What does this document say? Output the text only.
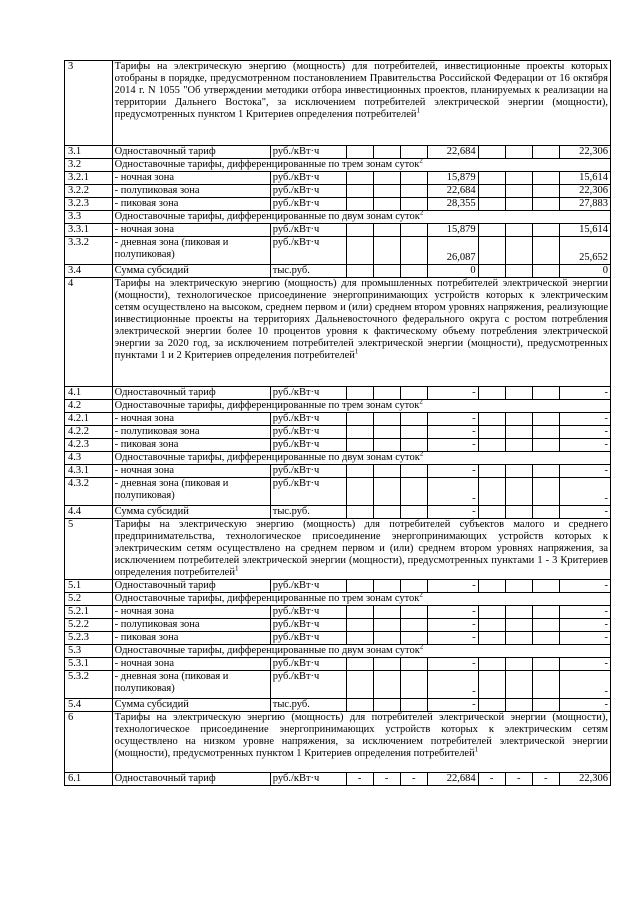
3	Тарифы на электрическую энергию (мощность) для потребителей, инвестиционные проекты которых отобраны в порядке, предусмотренном постановлением Правительства Российской Федерации от 16 октября 2014 г. N 1055 "Об утверждении методики отбора инвестиционных проектов, планируемых к реализации на территории Дальнего Востока", за исключением потребителей электрической энергии (мощности), предусмотренных пунктом 1 Критериев определения потребителей$^1$
3.1	Одноставочный тариф	руб./кВт·ч				22,684				22,306
3.2	Одноставочные тарифы, дифференцированные по трем зонам суток$^2$
3.2.1	- ночная зона	руб./кВт·ч				15,879				15,614
3.2.2	- полупиковая зона	руб./кВт·ч				22,684				22,306
3.2.3	- пиковая зона	руб./кВт·ч				28,355				27,883
3.3	Одноставочные тарифы, дифференцированные по двум зонам суток$^2$
3.3.1	- ночная зона	руб./кВт·ч				15,879				15,614
3.3.2	- дневная зона (пиковая и полупиковая)	руб./кВт·ч				26,087				25,652
3.4	Сумма субсидий	тыс.руб.				0				0
4	Тарифы на электрическую энергию (мощность) для промышленных потребителей электрической энергии (мощности), технологическое присоединение энергопринимающих устройств которых к электрическим сетям осуществлено на высоком, среднем первом и (или) среднем втором уровнях напряжения, реализующие инвестиционные проекты на территориях Дальневосточного федерального округа с ростом потребления электрической энергии более 10 процентов уровня к фактическому объему потребления электрической энергии за 2020 год, за исключением потребителей электрической энергии (мощности), предусмотренных пунктами 1 и 2 Критериев определения потребителей$^1$
4.1	Одноставочный тариф	руб./кВт·ч				-				-
4.2	Одноставочные тарифы, дифференцированные по трем зонам суток$^2$
4.2.1	- ночная зона	руб./кВт·ч				-				-
4.2.2	- полупиковая зона	руб./кВт·ч				-				-
4.2.3	- пиковая зона	руб./кВт·ч				-				-
4.3	Одноставочные тарифы, дифференцированные по двум зонам суток$^2$
4.3.1	- ночная зона	руб./кВт·ч				-				-
4.3.2	- дневная зона (пиковая и полупиковая)	руб./кВт·ч				-				-
4.4	Сумма субсидий	тыс.руб.				-				-
5	Тарифы на электрическую энергию (мощность) для потребителей субъектов малого и среднего предпринимательства, технологическое присоединение энергопринимающих устройств которых к электрическим сетям осуществлено на среднем первом и (или) среднем втором уровнях напряжения, за исключением потребителей электрической энергии (мощности), предусмотренных пунктами 1 - 3 Критериев определения потребителей$^1$
5.1	Одноставочный тариф	руб./кВт·ч				-				-
5.2	Одноставочные тарифы, дифференцированные по трем зонам суток$^2$
5.2.1	- ночная зона	руб./кВт·ч				-				-
5.2.2	- полупиковая зона	руб./кВт·ч				-				-
5.2.3	- пиковая зона	руб./кВт·ч				-				-
5.3	Одноставочные тарифы, дифференцированные по двум зонам суток$^2$
5.3.1	- ночная зона	руб./кВт·ч				-				-
5.3.2	- дневная зона (пиковая и полупиковая)	руб./кВт·ч				-				-
5.4	Сумма субсидий	тыс.руб.				-				-
6	Тарифы на электрическую энергию (мощность) для потребителей электрической энергии (мощности), технологическое присоединение энергопринимающих устройств которых к электрическим сетям осуществлено на низком уровне напряжения, за исключением потребителей электрической энергии (мощности), предусмотренных пунктом 1 Критериев определения потребителей$^1$
6.1	Одноставочный тариф	руб./кВт·ч	-	-	-	22,684	-	-	-	22,306
